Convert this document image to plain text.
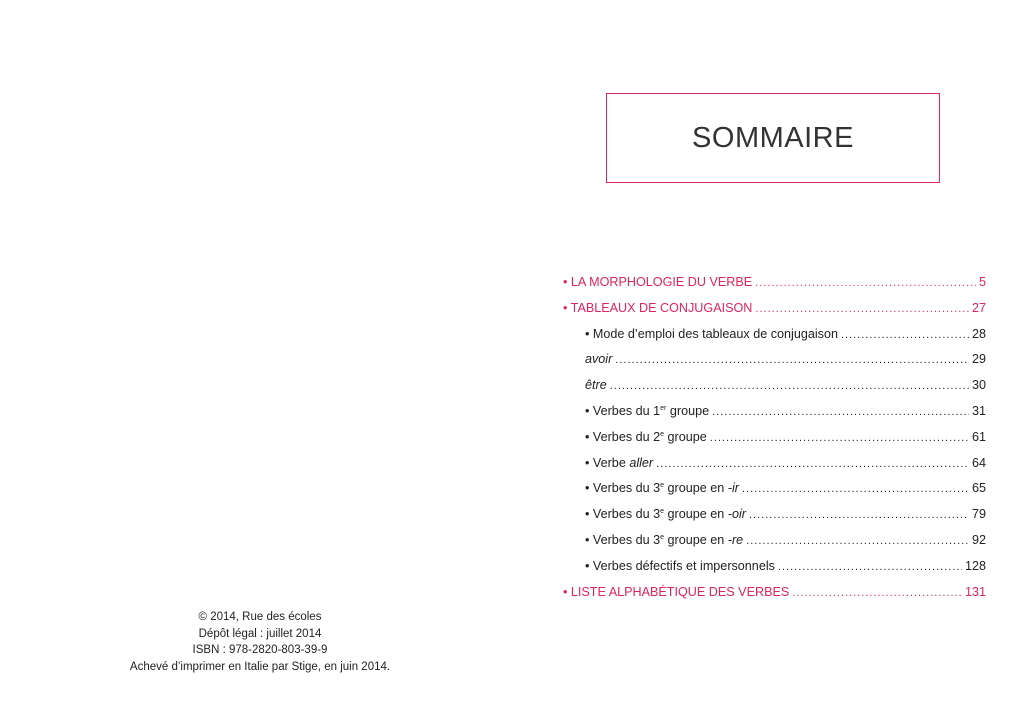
SOMMAIRE
• LA MORPHOLOGIE DU VERBE .....	5
• TABLEAUX DE CONJUGAISON .....	27
• Mode d’emploi des tableaux de conjugaison .....	28
avoir .....	29
être .....	30
• Verbes du 1er groupe .....	31
• Verbes du 2e groupe .....	61
• Verbe aller .....	64
• Verbes du 3e groupe en -ir .....	65
• Verbes du 3e groupe en -oir .....	79
• Verbes du 3e groupe en -re .....	92
• Verbes défectifs et impersonnels .....	128
• LISTE ALPHABÉTIQUE DES VERBES .....	131
© 2014, Rue des écoles
Dépôt légal : juillet 2014
ISBN : 978-2820-803-39-9
Achevé d’imprimer en Italie par Stige, en juin 2014.
